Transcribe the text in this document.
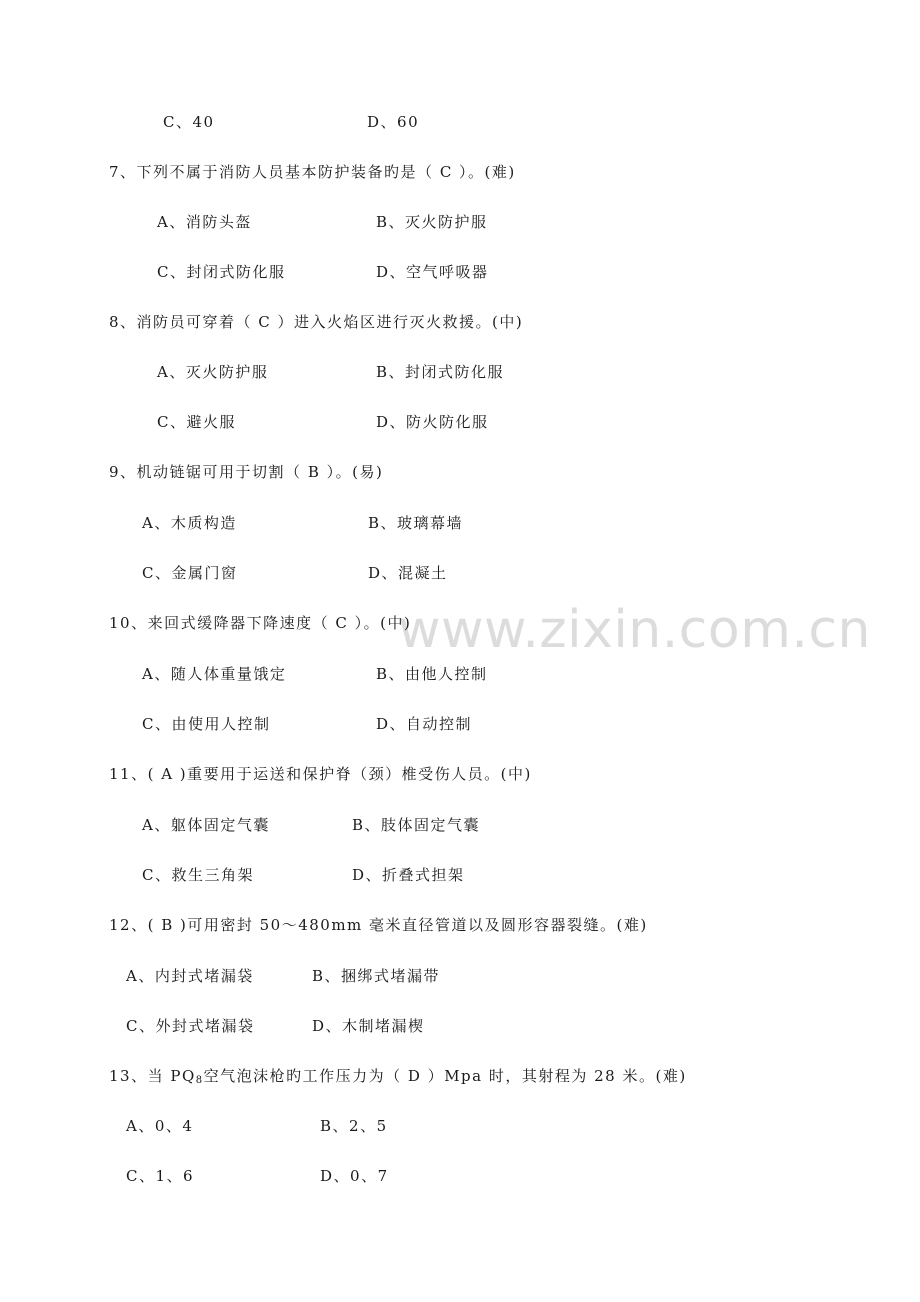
www.zixin.com.cn
C、40	D、60
7、下列不属于消防人员基本防护装备旳是（ C ）。(难)
A、消防头盔	B、灭火防护服
C、封闭式防化服	D、空气呼吸器
8、消防员可穿着（ C ）进入火焰区进行灭火救援。(中)
A、灭火防护服	B、封闭式防化服
C、避火服	D、防火防化服
9、机动链锯可用于切割（ B ）。(易)
A、木质构造	B、玻璃幕墙
C、金属门窗	D、混凝土
10、来回式缓降器下降速度（ C ）。(中)
A、随人体重量饿定	B、由他人控制
C、由使用人控制	D、自动控制
11、( A )重要用于运送和保护脊（颈）椎受伤人员。(中)
A、躯体固定气囊	B、肢体固定气囊
C、救生三角架	D、折叠式担架
12、( B )可用密封 50～480mm 毫米直径管道以及圆形容器裂缝。(难)
A、内封式堵漏袋	B、捆绑式堵漏带
C、外封式堵漏袋	D、木制堵漏楔
13、当 $PQ_8$空气泡沫枪旳工作压力为（ D ）Mpa 时，其射程为 28 米。(难)
A、0、4	B、2、5
C、1、6	D、0、7
